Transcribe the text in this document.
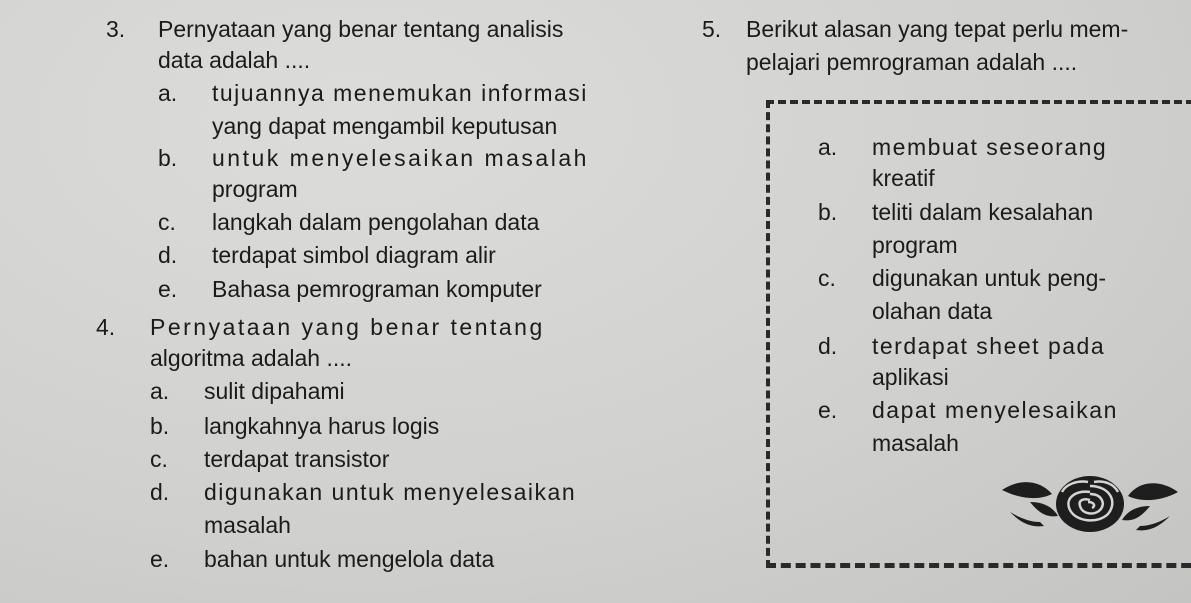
3. Pernyataan yang benar tentang analisis
data adalah ....
a. tujuannya menemukan informasi
yang dapat mengambil keputusan
b. untuk menyelesaikan masalah
program
c. langkah dalam pengolahan data
d. terdapat simbol diagram alir
e. Bahasa pemrograman komputer
4. Pernyataan yang benar tentang
algoritma adalah ....
a. sulit dipahami
b. langkahnya harus logis
c. terdapat transistor
d. digunakan untuk menyelesaikan
masalah
e. bahan untuk mengelola data
5. Berikut alasan yang tepat perlu mem-
pelajari pemrograman adalah ....
a. membuat seseorang
kreatif
b. teliti dalam kesalahan
program
c. digunakan untuk peng-
olahan data
d. terdapat sheet pada
aplikasi
e. dapat menyelesaikan
masalah
